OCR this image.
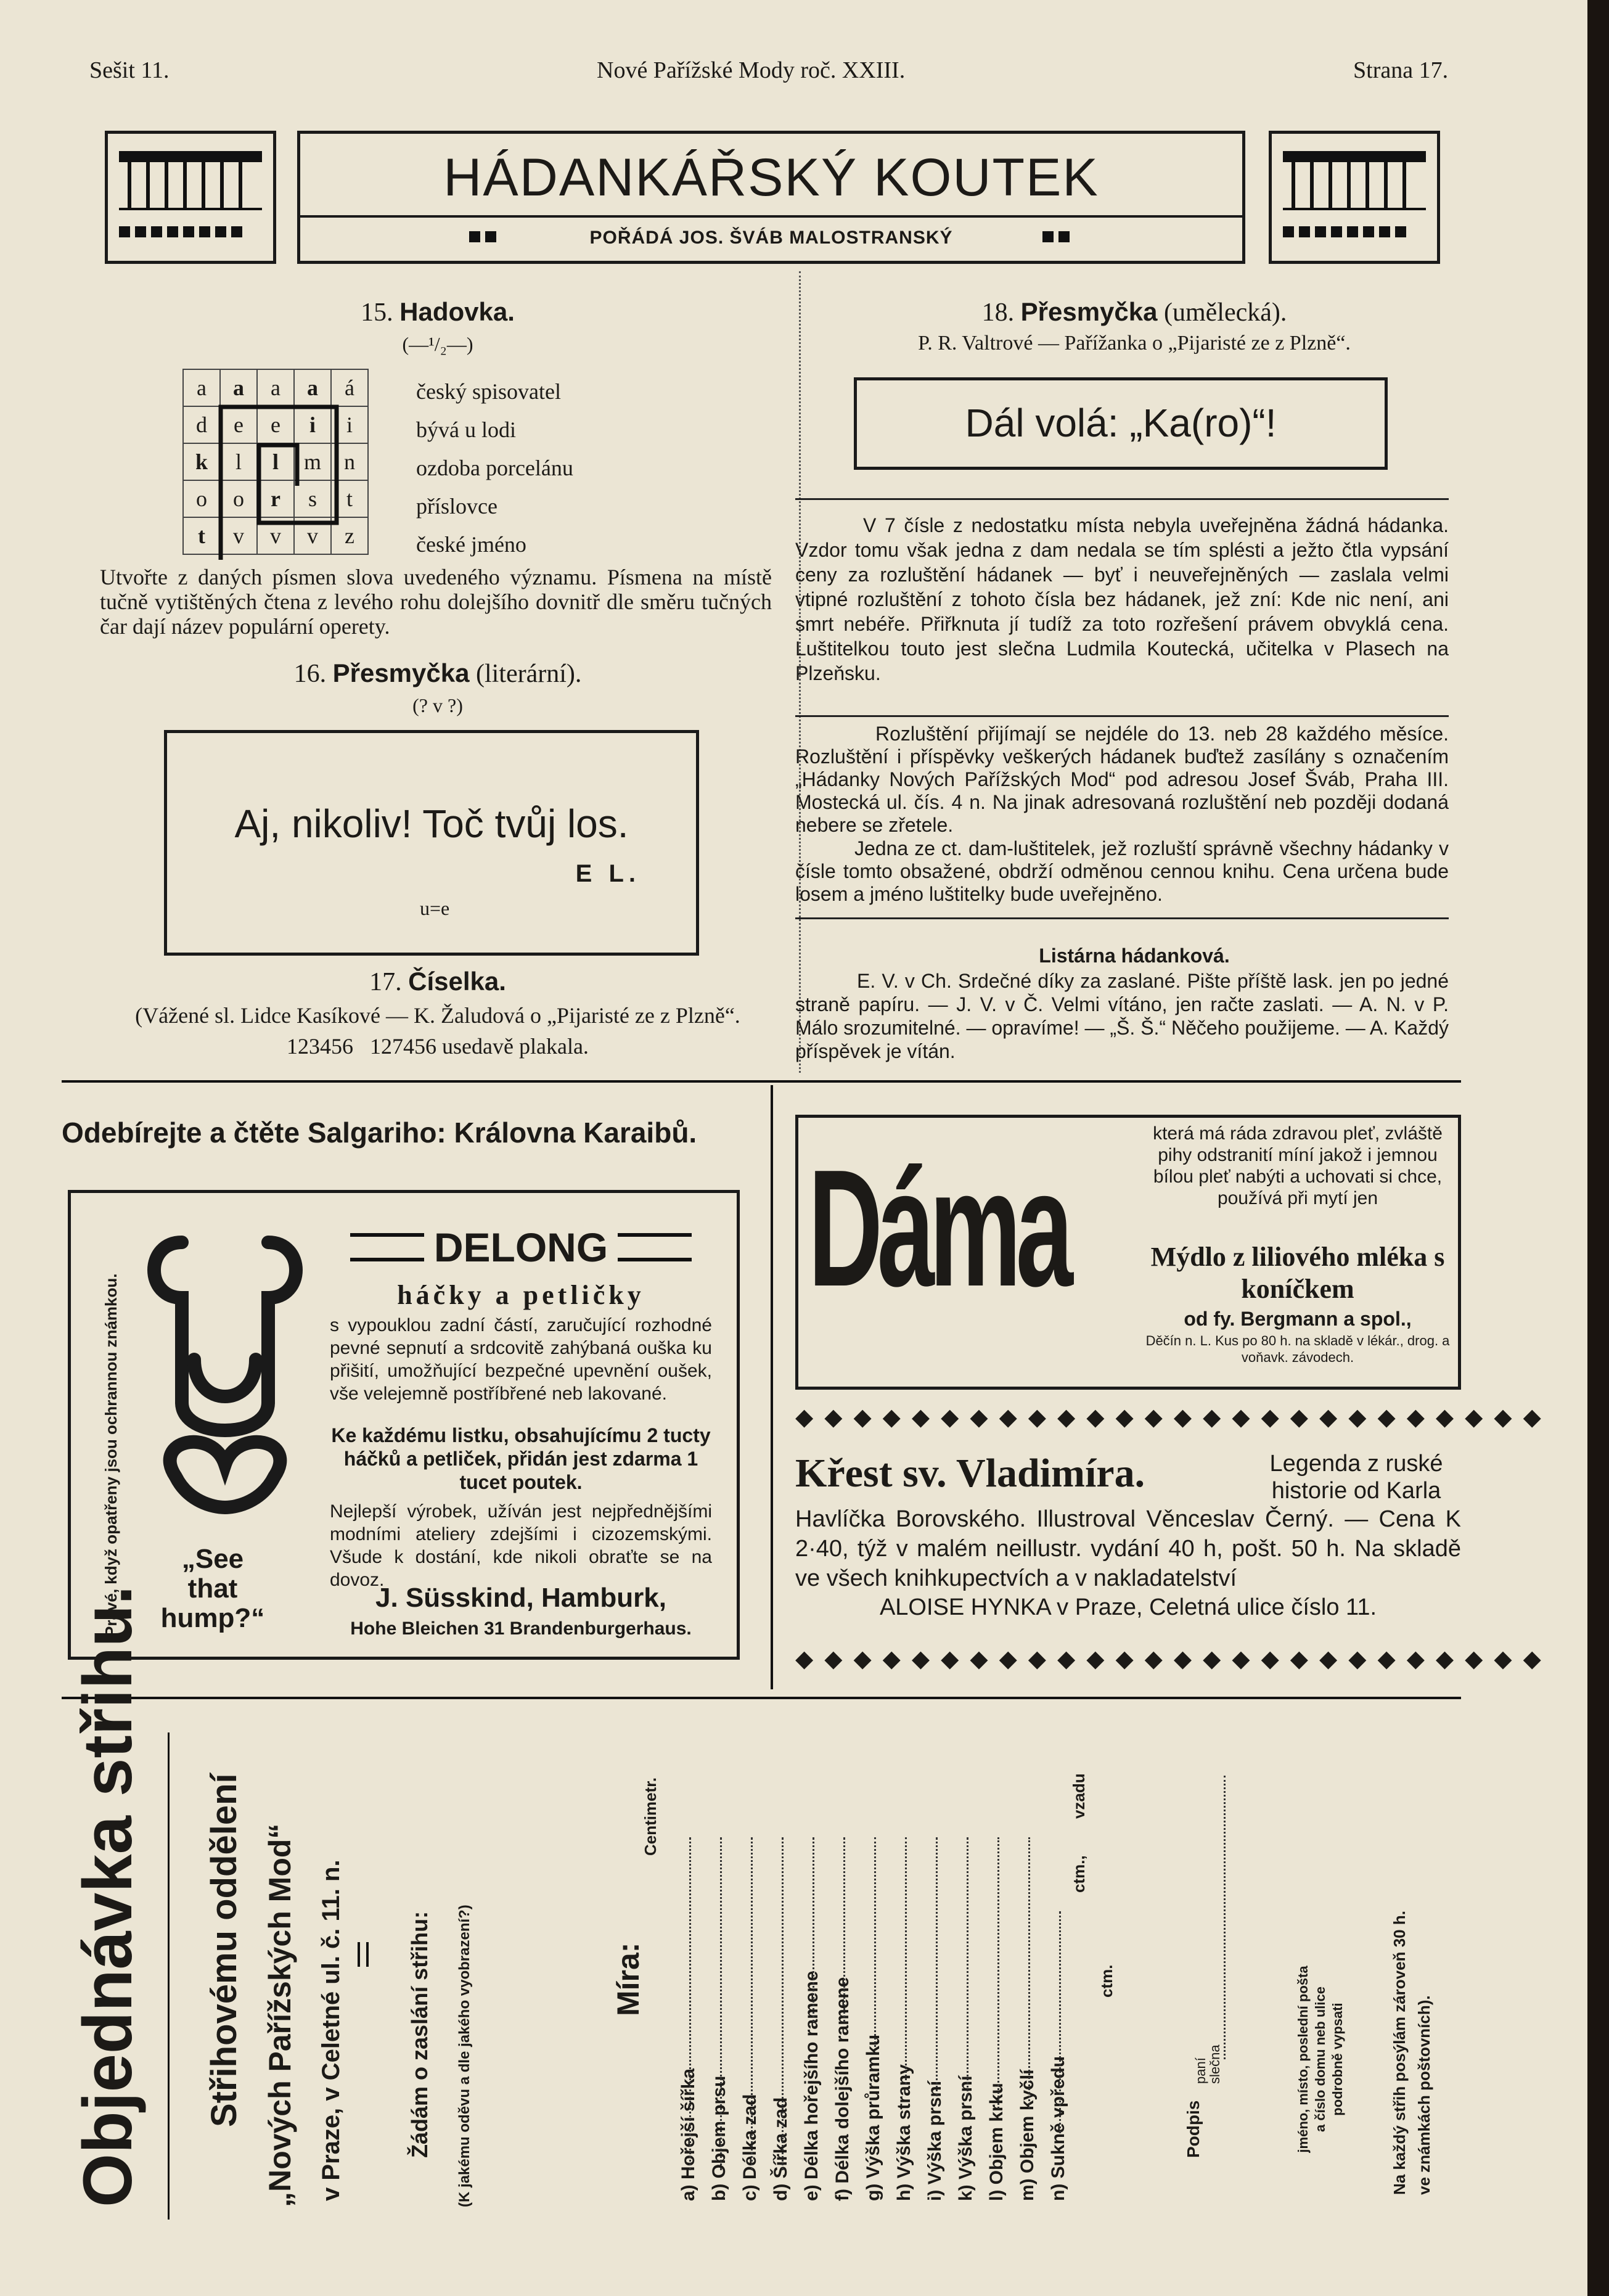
Sešit 11.	Nové Pařížské Mody roč. XXIII.	Strana 17.
HÁDANKÁŘSKÝ KOUTEK
POŘÁDÁ JOS. ŠVÁB MALOSTRANSKÝ
15. Hadovka.
(—¹/₂—)
a	a	a	a	á
d	e	e	i	i
k	l	l	m	n
o	o	r	s	t
t	v	v	v	z
český spisovatel
bývá u lodi
ozdoba porcelánu
příslovce
české jméno
Utvořte z daných písmen slova uvedeného významu. Písmena na místě tučně vytištěných čtena z levého rohu dolejšího dovnitř dle směru tučných čar dají název populární operety.
16. Přesmyčka (literární).
(? v ?)
Aj, nikoliv! Toč tvůj los.
E L.
u=e
17. Číselka.
(Vážené sl. Lidce Kasíkové — K. Žaludová o „Pijaristé ze z Plzně“.
123456   127456 usedavě plakala.
18. Přesmyčka (umělecká).
P. R. Valtrové — Pařížanka o „Pijaristé ze z Plzně“.
Dál volá: „Ka(ro)“!
V 7 čísle z nedostatku místa nebyla uveřejněna žádná hádanka. Vzdor tomu však jedna z dam nedala se tím splésti a ježto čtla vypsání ceny za rozluštění hádanek — byť i neuveřejněných — zaslala velmi vtipné rozluštění z tohoto čísla bez hádanek, jež zní: Kde nic není, ani smrt nebéře. Přiřknuta jí tudíž za toto rozřešení právem obvyklá cena. Luštitelkou touto jest slečna Ludmila Koutecká, učitelka v Plasech na Plzeňsku.
Rozluštění přijímají se nejdéle do 13. neb 28 každého měsíce. Rozluštění i příspěvky veškerých hádanek buďtež zasílány s označením „Hádanky Nových Pařížských Mod“ pod adresou Josef Šváb, Praha III. Mostecká ul. čís. 4 n. Na jinak adresovaná rozluštění neb později dodaná nebere se zřetele.
Jedna ze ct. dam-luštitelek, jež rozluští správně všechny hádanky v čísle tomto obsažené, obdrží odměnou cennou knihu. Cena určena bude losem a jméno luštitelky bude uveřejněno.
Listárna hádanková.
E. V. v Ch. Srdečné díky za zaslané. Pište příště lask. jen po jedné straně papíru. — J. V. v Č. Velmi vítáno, jen račte zaslati. — A. N. v P. Málo srozumitelné. — opravíme! — „Š. Š.“ Něčeho použijeme. — A. Každý příspěvek je vítán.
Odebírejte a čtěte Salgariho: Královna Karaibů.
Pravé, když opatřeny jsou ochrannou známkou.	„See
that
hump?“
DELONG
háčky a petličky
s vypouklou zadní částí, zaručující rozhodné pevné sepnutí a srdcovitě zahýbaná ouška ku přišití, umožňující bezpečné upevnění oušek, vše velejemně postříbřené neb lakované.
Ke každému listku, obsahujícímu 2 tucty háčků a petliček, přidán jest zdarma 1 tucet poutek.
Nejlepší výrobek, užíván jest nejpřednějšími modními ateliery zdejšími i cizozemskými. Všude k dostání, kde nikoli obraťte se na dovoz.
J. Süsskind, Hamburk,
Hohe Bleichen 31 Brandenburgerhaus.
Dáma
která má ráda zdravou pleť, zvláště pihy odstranití míní jakož i jemnou bílou pleť nabýti a uchovati si chce, používá při mytí jen
Mýdlo z liliového mléka s koníčkem
od fy. Bergmann a spol.,
Děčín n. L. Kus po 80 h. na skladě v lékár., drog. a voňavk. závodech.
◆◆◆◆◆◆◆◆◆◆◆◆◆◆◆◆◆◆◆◆◆◆◆◆◆◆
Křest sv. Vladimíra.	Legenda z ruské historie od Karla
Havlíčka Borovského. Illustroval Věnceslav Černý. — Cena K 2·40, týž v malém neillustr. vydání 40 h, pošt. 50 h. Na skladě ve všech knihkupectvích a v nakladatelství
ALOISE HYNKA v Praze, Celetná ulice číslo 11.
◆◆◆◆◆◆◆◆◆◆◆◆◆◆◆◆◆◆◆◆◆◆◆◆◆◆
Objednávka střihu. Střihovému oddělení „Nových Pařížských Mod“ v Praze, v Celetné ul. č. 11. n.	Žádám o zaslání střihu: (K jakému oděvu a dle jakého vyobrazení?)	Míra:
Centimetr.
a) Hořejší šířka b) Objem prsu c) Délka zad d) Šířka zad e) Délka hořejšího ramene f) Délka dolejšího ramene g) Výška průramku h) Výška strany i) Výška prsní k) Výška prsní l) Objem krku m) Objem kyčlí n) Sukně vpředu
ctm.,
vzadu
ctm.
Podpis
paní
slečna	jméno, místo, poslední pošta a číslo domu neb ulice podrobně vypsati	Na každý střih posýlám zároveň 30 h. ve známkách poštovních).
